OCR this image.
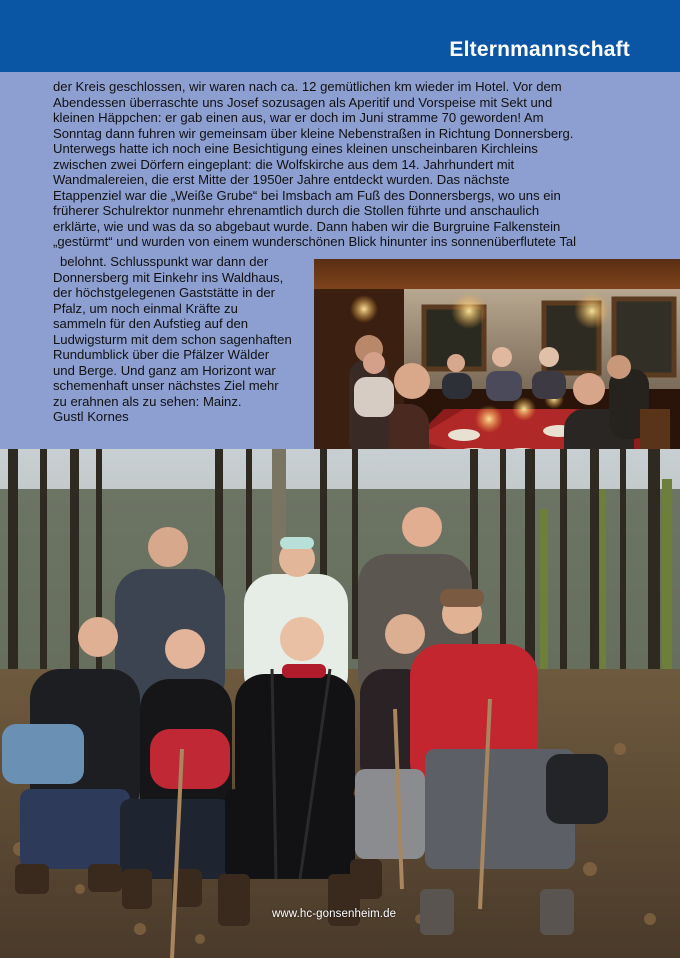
Elternmannschaft

der Kreis geschlossen, wir waren nach ca. 12 gemütlichen km wieder im Hotel. Vor dem

Abendessen überraschte uns Josef sozusagen als Aperitif und Vorspeise mit Sekt und

kleinen Häppchen: er gab einen aus, war er doch im Juni stramme 70 geworden! Am

Sonntag dann fuhren wir gemeinsam über kleine Nebenstraßen in Richtung Donnersberg.

Unterwegs hatte ich noch eine Besichtigung eines kleinen unscheinbaren Kirchleins

zwischen zwei Dörfern eingeplant: die Wolfskirche aus dem 14. Jahrhundert mit

Wandmalereien, die erst Mitte der 1950er Jahre entdeckt wurden. Das nächste

Etappenziel war die „Weiße Grube“ bei Imsbach am Fuß des Donnersbergs, wo uns ein

früherer Schulrektor nunmehr ehrenamtlich durch die Stollen führte und anschaulich

erklärte, wie und was da so abgebaut wurde. Dann haben wir die Burgruine Falkenstein

„gestürmt“ und wurden von einem wunderschönen Blick hinunter ins sonnenüberflutete Tal

belohnt. Schlusspunkt war dann der

Donnersberg mit Einkehr ins Waldhaus,

der höchstgelegenen Gaststätte in der

Pfalz, um noch einmal Kräfte zu

sammeln für den Aufstieg auf den

Ludwigsturm mit dem schon sagenhaften

Rundumblick über die Pfälzer Wälder

und Berge. Und ganz am Horizont war

schemenhaft unser nächstes Ziel mehr

zu erahnen als zu sehen: Mainz.

Gustl Kornes

www.hc-gonsenheim.de
